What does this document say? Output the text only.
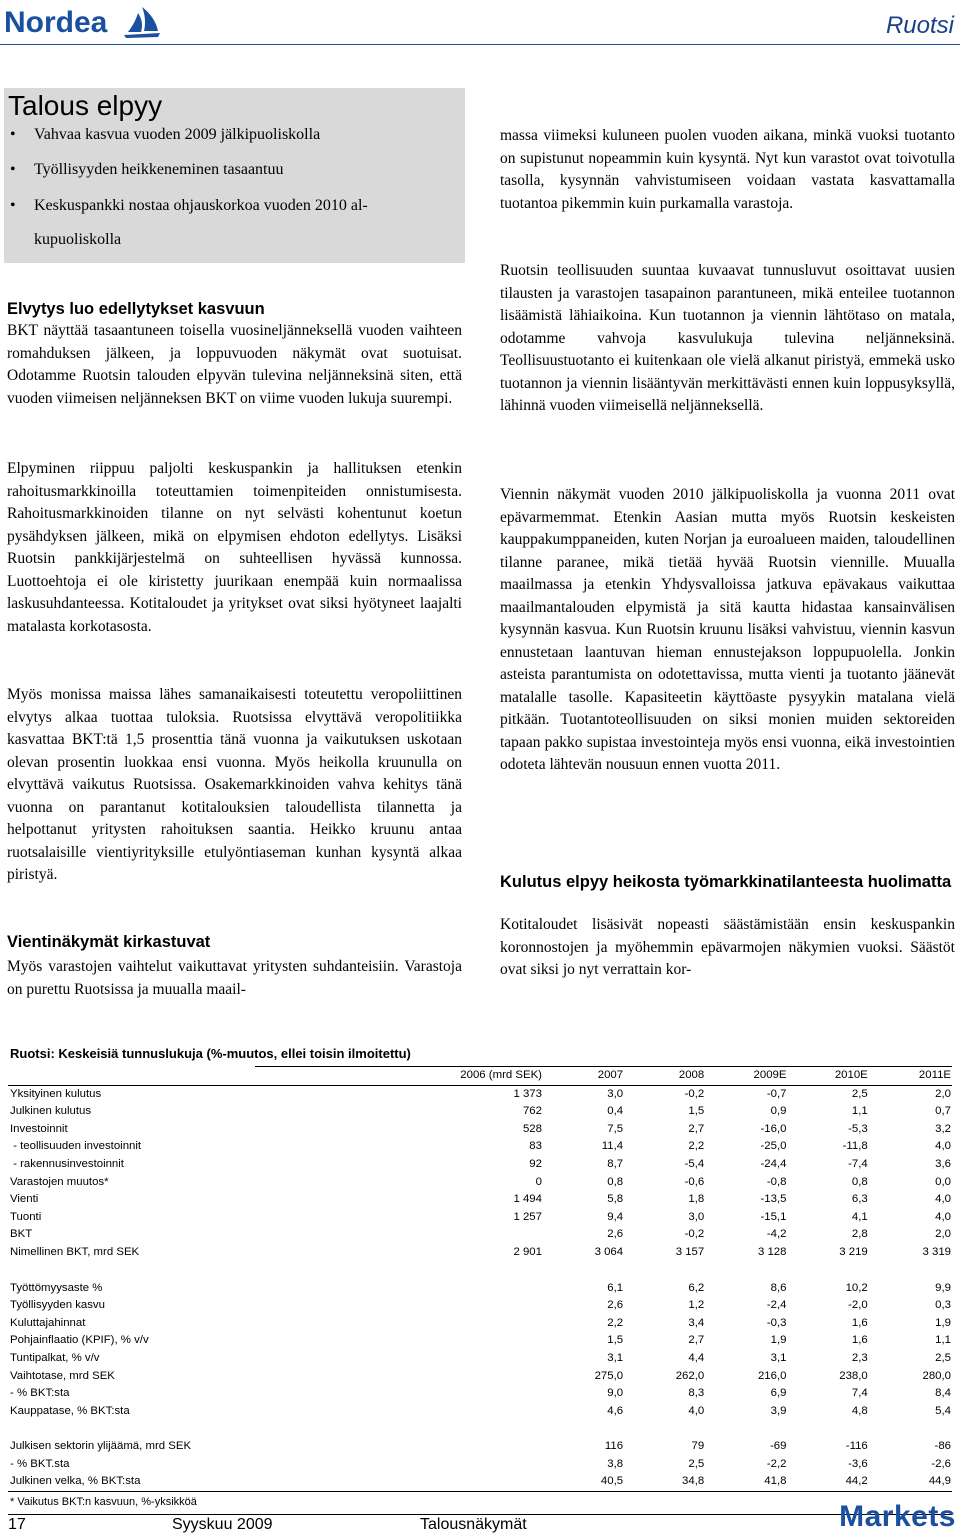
Nordea	Ruotsi
Talous elpyy
• Vahvaa kasvua vuoden 2009 jälkipuoliskolla
• Työllisyyden heikkeneminen tasaantuu
• Keskuspankki nostaa ohjauskorkoa vuoden 2010 al-
kupuoliskolla
Elvytys luo edellytykset kasvuun

BKT näyttää tasaantuneen toisella vuosineljänneksellä vuoden vaihteen romahduksen jälkeen, ja loppuvuoden näkymät ovat suotuisat. Odotamme Ruotsin talouden elpyvän tulevina neljänneksinä siten, että vuoden viimeisen neljänneksen BKT on viime vuoden lukuja suurempi.

Elpyminen riippuu paljolti keskuspankin ja hallituksen etenkin rahoitusmarkkinoilla toteuttamien toimenpiteiden onnistumisesta. Rahoitusmarkkinoiden tilanne on nyt selvästi kohentunut koetun pysähdyksen jälkeen, mikä on elpymisen ehdoton edellytys. Lisäksi Ruotsin pankkijärjestelmä on suhteellisen hyvässä kunnossa. Luottoehtoja ei ole kiristetty juurikaan enempää kuin normaalissa laskusuhdanteessa. Kotitaloudet ja yritykset ovat siksi hyötyneet laajalti matalasta korkotasosta.

Myös monissa maissa lähes samanaikaisesti toteutettu veropoliittinen elvytys alkaa tuottaa tuloksia. Ruotsissa elvyttävä veropolitiikka kasvattaa BKT:tä 1,5 prosenttia tänä vuonna ja vaikutuksen uskotaan olevan prosentin luokkaa ensi vuonna. Myös heikolla kruunulla on elvyttävä vaikutus Ruotsissa. Osakemarkkinoiden vahva kehitys tänä vuonna on parantanut kotitalouksien taloudellista tilannetta ja helpottanut yritysten rahoituksen saantia. Heikko kruunu antaa ruotsalaisille vientiyrityksille etulyöntiaseman kunhan kysyntä alkaa piristyä.

Vientinäkymät kirkastuvat

Myös varastojen vaihtelut vaikuttavat yritysten suhdanteisiin. Varastoja on purettu Ruotsissa ja muualla maail-

massa viimeksi kuluneen puolen vuoden aikana, minkä vuoksi tuotanto on supistunut nopeammin kuin kysyntä. Nyt kun varastot ovat toivotulla tasolla, kysynnän vahvistumiseen voidaan vastata kasvattamalla tuotantoa pikemmin kuin purkamalla varastoja.

Ruotsin teollisuuden suuntaa kuvaavat tunnusluvut osoittavat uusien tilausten ja varastojen tasapainon parantuneen, mikä enteilee tuotannon lisäämistä lähiaikoina. Kun tuotannon ja viennin lähtötaso on matala, odotamme vahvoja kasvulukuja tulevina neljänneksinä. Teollisuustuotanto ei kuitenkaan ole vielä alkanut piristyä, emmekä usko tuotannon ja viennin lisääntyvän merkittävästi ennen kuin loppusyksyllä, lähinnä vuoden viimeisellä neljänneksellä.

Viennin näkymät vuoden 2010 jälkipuoliskolla ja vuonna 2011 ovat epävarmemmat. Etenkin Aasian mutta myös Ruotsin keskeisten kauppakumppaneiden, kuten Norjan ja euroalueen maiden, taloudellinen tilanne paranee, mikä tietää hyvää Ruotsin viennille. Muualla maailmassa ja etenkin Yhdysvalloissa jatkuva epävakaus vaikuttaa maailmantalouden elpymistä ja sitä kautta hidastaa kansainvälisen kysynnän kasvua. Kun Ruotsin kruunu lisäksi vahvistuu, viennin kasvun ennustetaan laantuvan hieman ennustejakson loppupuolella. Jonkin asteista parantumista on odotettavissa, mutta vienti ja tuotanto jäänevät matalalle tasolle. Kapasiteetin käyttöaste pysyykin matalana vielä pitkään. Tuotantoteollisuuden on siksi monien muiden sektoreiden tapaan pakko supistaa investointeja myös ensi vuonna, eikä investointien odoteta lähtevän nousuun ennen vuotta 2011.

Kulutus elpyy heikosta työmarkkinatilanteesta huolimatta

Kotitaloudet lisäsivät nopeasti säästämistään ensin keskuspankin koronnostojen ja myöhemmin epävarmojen näkymien vuoksi. Säästöt ovat siksi jo nyt verrattain kor-

Ruotsi: Keskeisiä tunnuslukuja (%-muutos, ellei toisin ilmoitettu)
	2006 (mrd SEK)	2007	2008	2009E	2010E	2011E
Yksityinen kulutus	1 373	3,0	-0,2	-0,7	2,5	2,0
Julkinen kulutus	762	0,4	1,5	0,9	1,1	0,7
Investoinnit	528	7,5	2,7	-16,0	-5,3	3,2
- teollisuuden investoinnit	83	11,4	2,2	-25,0	-11,8	4,0
- rakennusinvestoinnit	92	8,7	-5,4	-24,4	-7,4	3,6
Varastojen muutos*	0	0,8	-0,6	-0,8	0,8	0,0
Vienti	1 494	5,8	1,8	-13,5	6,3	4,0
Tuonti	1 257	9,4	3,0	-15,1	4,1	4,0
BKT		2,6	-0,2	-4,2	2,8	2,0
Nimellinen BKT, mrd SEK	2 901	3 064	3 157	3 128	3 219	3 319

Työttömyysaste %		6,1	6,2	8,6	10,2	9,9
Työllisyyden kasvu		2,6	1,2	-2,4	-2,0	0,3
Kuluttajahinnat		2,2	3,4	-0,3	1,6	1,9
Pohjainflaatio (KPIF), % v/v		1,5	2,7	1,9	1,6	1,1
Tuntipalkat, % v/v		3,1	4,4	3,1	2,3	2,5
Vaihtotase, mrd SEK		275,0	262,0	216,0	238,0	280,0
- % BKT:sta		9,0	8,3	6,9	7,4	8,4
Kauppatase, % BKT:sta		4,6	4,0	3,9	4,8	5,4

Julkisen sektorin ylijäämä, mrd SEK		116	79	-69	-116	-86
- % BKT.sta		3,8	2,5	-2,2	-3,6	-2,6
Julkinen velka, % BKT:sta		40,5	34,8	41,8	44,2	44,9
* Vaikutus BKT:n kasvuun, %-yksikköä
17	Syyskuu 2009	Talousnäkymät	Markets
